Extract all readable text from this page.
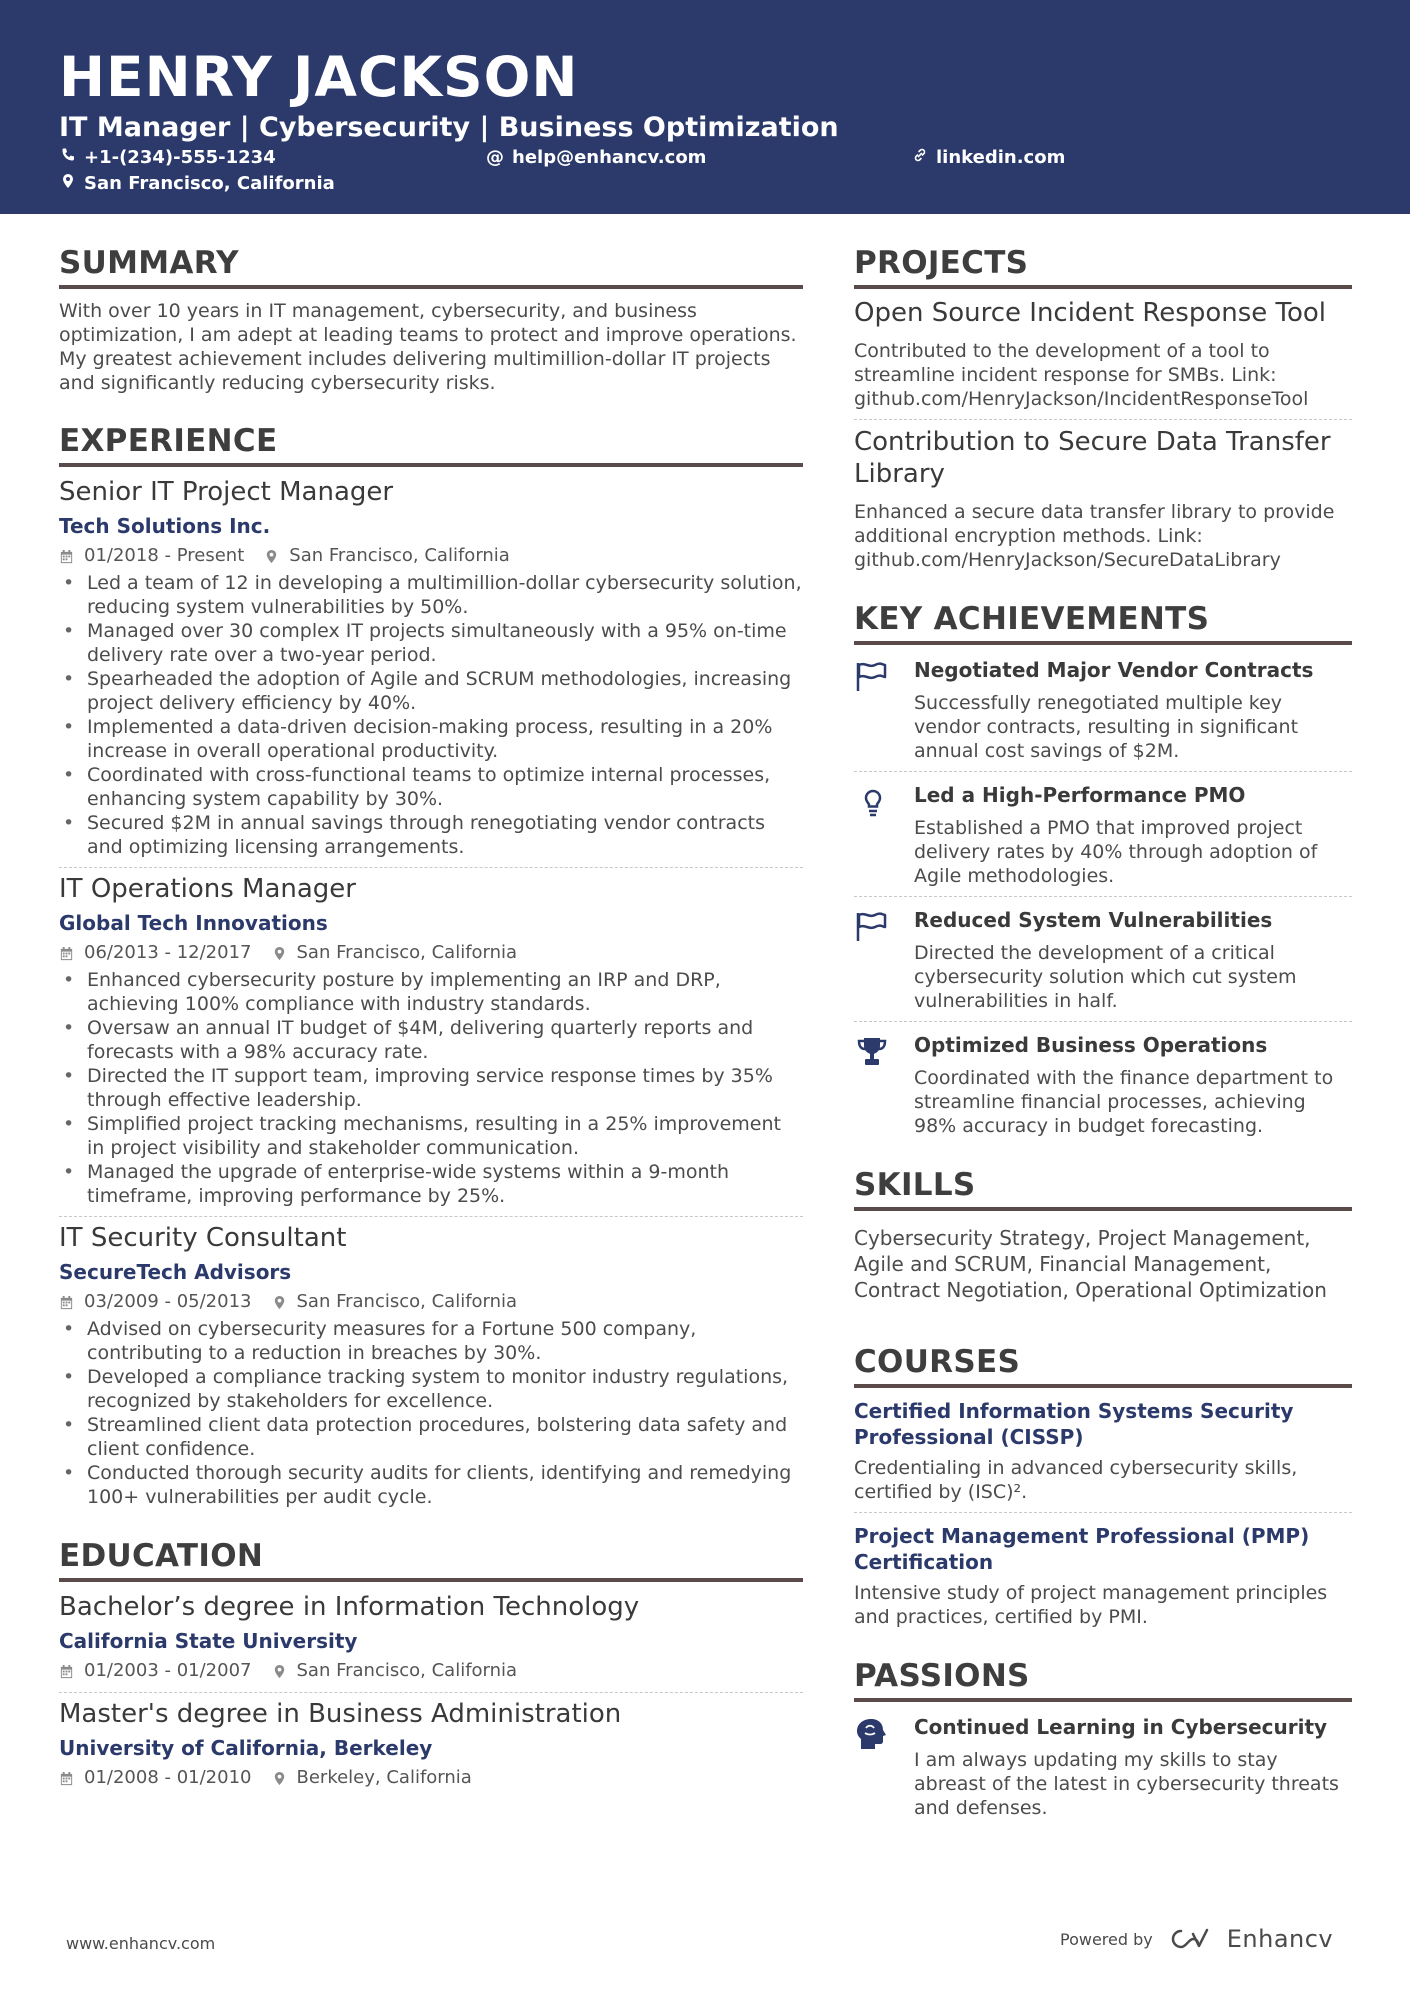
HENRY JACKSON
IT Manager | Cybersecurity | Business Optimization
+1-(234)-555-1234	@ help@enhancv.com	linkedin.com
San Francisco, California
SUMMARY
With over 10 years in IT management, cybersecurity, and business optimization, I am adept at leading teams to protect and improve operations. My greatest achievement includes delivering multimillion-dollar IT projects and significantly reducing cybersecurity risks.
EXPERIENCE
Senior IT Project Manager
Tech Solutions Inc.
01/2018 - Present	San Francisco, California
• Led a team of 12 in developing a multimillion-dollar cybersecurity solution, reducing system vulnerabilities by 50%.
• Managed over 30 complex IT projects simultaneously with a 95% on-time delivery rate over a two-year period.
• Spearheaded the adoption of Agile and SCRUM methodologies, increasing project delivery efficiency by 40%.
• Implemented a data-driven decision-making process, resulting in a 20% increase in overall operational productivity.
• Coordinated with cross-functional teams to optimize internal processes, enhancing system capability by 30%.
• Secured $2M in annual savings through renegotiating vendor contracts and optimizing licensing arrangements.
IT Operations Manager
Global Tech Innovations
06/2013 - 12/2017	San Francisco, California
• Enhanced cybersecurity posture by implementing an IRP and DRP, achieving 100% compliance with industry standards.
• Oversaw an annual IT budget of $4M, delivering quarterly reports and forecasts with a 98% accuracy rate.
• Directed the IT support team, improving service response times by 35% through effective leadership.
• Simplified project tracking mechanisms, resulting in a 25% improvement in project visibility and stakeholder communication.
• Managed the upgrade of enterprise-wide systems within a 9-month timeframe, improving performance by 25%.
IT Security Consultant
SecureTech Advisors
03/2009 - 05/2013	San Francisco, California
• Advised on cybersecurity measures for a Fortune 500 company, contributing to a reduction in breaches by 30%.
• Developed a compliance tracking system to monitor industry regulations, recognized by stakeholders for excellence.
• Streamlined client data protection procedures, bolstering data safety and client confidence.
• Conducted thorough security audits for clients, identifying and remedying 100+ vulnerabilities per audit cycle.
EDUCATION
Bachelor’s degree in Information Technology
California State University
01/2003 - 01/2007	San Francisco, California
Master's degree in Business Administration
University of California, Berkeley
01/2008 - 01/2010	Berkeley, California
PROJECTS
Open Source Incident Response Tool
Contributed to the development of a tool to streamline incident response for SMBs. Link: github.com/HenryJackson/IncidentResponseTool
Contribution to Secure Data Transfer Library
Enhanced a secure data transfer library to provide additional encryption methods. Link: github.com/HenryJackson/SecureDataLibrary
KEY ACHIEVEMENTS
Negotiated Major Vendor Contracts
Successfully renegotiated multiple key vendor contracts, resulting in significant annual cost savings of $2M.
Led a High-Performance PMO
Established a PMO that improved project delivery rates by 40% through adoption of Agile methodologies.
Reduced System Vulnerabilities
Directed the development of a critical cybersecurity solution which cut system vulnerabilities in half.
Optimized Business Operations
Coordinated with the finance department to streamline financial processes, achieving 98% accuracy in budget forecasting.
SKILLS
Cybersecurity Strategy, Project Management, Agile and SCRUM, Financial Management, Contract Negotiation, Operational Optimization
COURSES
Certified Information Systems Security Professional (CISSP)
Credentialing in advanced cybersecurity skills, certified by (ISC)².
Project Management Professional (PMP) Certification
Intensive study of project management principles and practices, certified by PMI.
PASSIONS
Continued Learning in Cybersecurity
I am always updating my skills to stay abreast of the latest in cybersecurity threats and defenses.
www.enhancv.com	Powered by	Enhancv
